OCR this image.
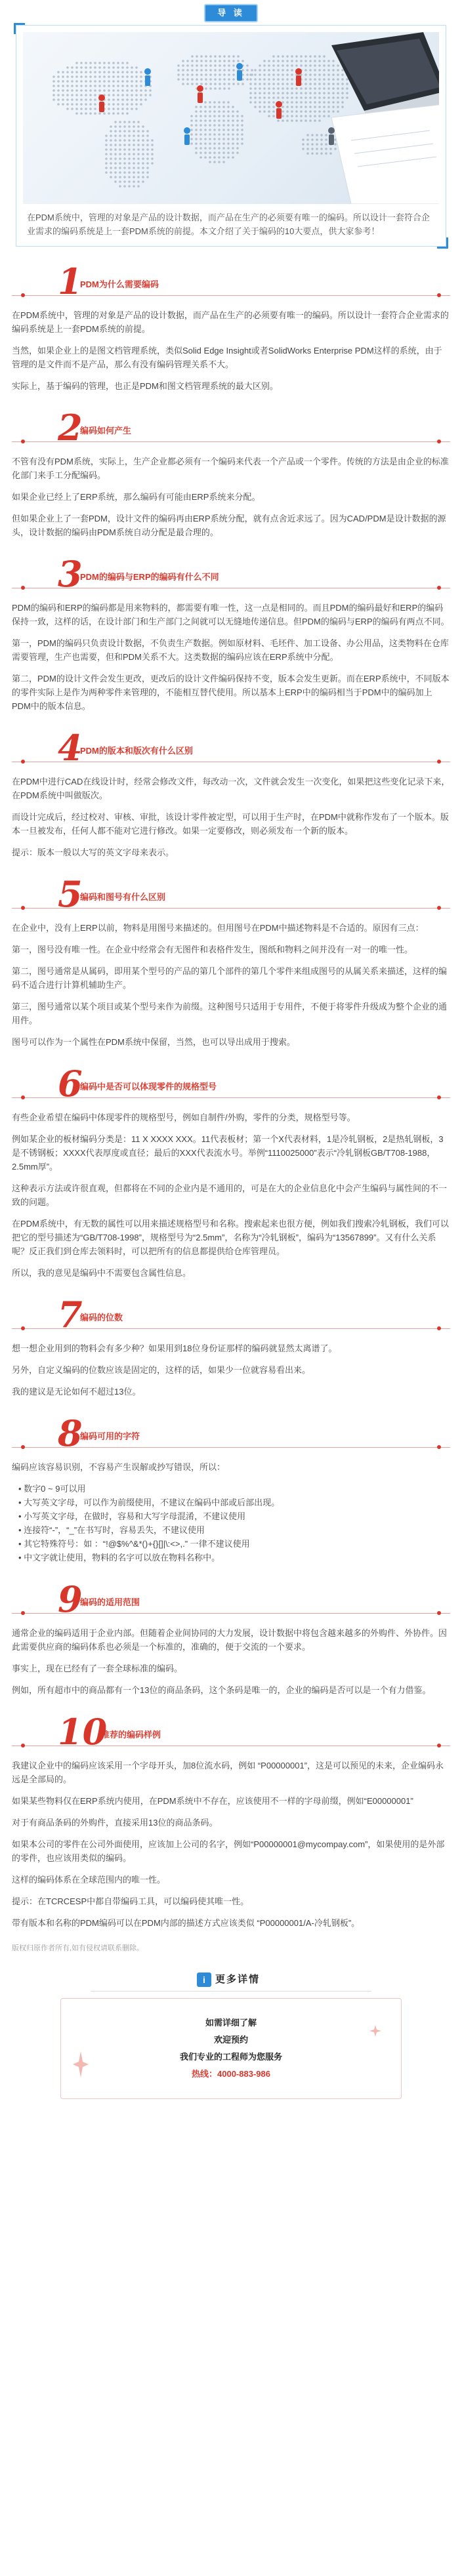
导 读
在PDM系统中，管理的对象是产品的设计数据，而产品在生产的必须要有唯一的编码。所以设计一套符合企业需求的编码系统是上一套PDM系统的前提。本文介绍了关于编码的10大要点，供大家参考！
1
PDM为什么需要编码

在PDM系统中，管理的对象是产品的设计数据，而产品在生产的必须要有唯一的编码。所以设计一套符合企业需求的编码系统是上一套PDM系统的前提。

当然，如果企业上的是图文档管理系统，类似Solid Edge Insight或者SolidWorks Enterprise PDM这样的系统，由于管理的是文件而不是产品，那么有没有编码管理关系不大。

实际上，基于编码的管理，也正是PDM和图文档管理系统的最大区别。

2
编码如何产生

不管有没有PDM系统，实际上，生产企业都必须有一个编码来代表一个产品或一个零件。传统的方法是由企业的标准化部门来手工分配编码。

如果企业已经上了ERP系统，那么编码有可能由ERP系统来分配。

但如果企业上了一套PDM，设计文件的编码再由ERP系统分配，就有点舍近求远了。因为CAD/PDM是设计数据的源头，设计数据的编码由PDM系统自动分配是最合理的。

3
PDM的编码与ERP的编码有什么不同

PDM的编码和ERP的编码都是用来物料的，都需要有唯一性，这一点是相同的。而且PDM的编码最好和ERP的编码保持一致，这样的话，在设计部门和生产部门之间就可以无缝地传递信息。但PDM的编码与ERP的编码有两点不同。

第一，PDM的编码只负责设计数据，不负责生产数据。例如原材料、毛坯件、加工设备、办公用品，这类物料在仓库需要管理，生产也需要，但和PDM关系不大。这类数据的编码应该在ERP系统中分配。

第二，PDM的设计文件会发生更改，更改后的设计文件编码保持不变，版本会发生更新。而在ERP系统中，不同版本的零件实际上是作为两种零件来管理的，不能相互替代使用。所以基本上ERP中的编码相当于PDM中的编码加上PDM中的版本信息。

4
PDM的版本和版次有什么区别

在PDM中进行CAD在线设计时，经常会修改文件，每改动一次，文件就会发生一次变化，如果把这些变化记录下来，在PDM系统中叫做版次。

而设计完成后，经过校对、审核、审批，该设计零件被定型，可以用于生产时，在PDM中就称作发布了一个版本。版本一旦被发布，任何人都不能对它进行修改。如果一定要修改，则必须发布一个新的版本。

提示：版本一般以大写的英文字母来表示。

5
编码和图号有什么区别

在企业中，没有上ERP以前，物料是用图号来描述的。但用图号在PDM中描述物料是不合适的。原因有三点：

第一，图号没有唯一性。在企业中经常会有无图件和表格件发生，图纸和物料之间并没有一对一的唯一性。

第二，图号通常是从属码，即用某个型号的产品的第几个部件的第几个零件来组成图号的从属关系来描述，这样的编码不适合进行计算机辅助生产。

第三，图号通常以某个项目或某个型号来作为前缀。这种图号只适用于专用件，不便于将零件升级成为整个企业的通用件。

图号可以作为一个属性在PDM系统中保留，当然，也可以导出成用于搜索。

6
编码中是否可以体现零件的规格型号

有些企业希望在编码中体现零件的规格型号，例如自制件/外购，零件的分类，规格型号等。

例如某企业的板材编码分类是：11 X XXXX XXX。11代表板材；第一个X代表材料，1是冷轧钢板，2是热轧钢板，3是不锈钢板；XXXX代表厚度或直径；最后的XXX代表流水号。举例“1110025000”表示“冷轧钢板GB/T708-1988，2.5mm厚”。

这种表示方法或许很直观，但都将在不同的企业内是不通用的，可是在大的企业信息化中会产生编码与属性间的不一致的问题。

在PDM系统中，有无数的属性可以用来描述规格型号和名称。搜索起来也很方便，例如我们搜索冷轧钢板，我们可以把它的型号描述为“GB/T708-1998”，规格型号为“2.5mm”，名称为“冷轧钢板”，编码为“13567899”。又有什么关系呢？反正我们到仓库去领料时，可以把所有的信息都提供给仓库管理员。

所以，我的意见是编码中不需要包含属性信息。

7
编码的位数

想一想企业用到的物料会有多少种？如果用到18位身份证那样的编码就显然太离谱了。

另外，自定义编码的位数应该是固定的，这样的话，如果少一位就容易看出来。

我的建议是无论如何不超过13位。

8
编码可用的字符

编码应该容易识别，不容易产生误解或抄写错误，所以：

• 数字0 ~ 9可以用
• 大写英文字母，可以作为前缀使用，不建议在编码中部或后部出现。
• 小写英文字母，在做时，容易和大写字母混淆，不建议使用
• 连接符“-”，“_”在书写时，容易丢失，不建议使用
• 其它特殊符号：如 ：“!@$%^&*()+{}[]|\:<>,.” 一律不建议使用
• 中文字就让使用，物料的名字可以放在物料名称中。
9
编码的适用范围

通常企业的编码适用于企业内部。但随着企业间协同的大力发展，设计数据中将包含越来越多的外购件、外协件。因此需要供应商的编码体系也必须是一个标准的，准确的，便于交流的一个要求。

事实上，现在已经有了一套全球标准的编码。

例如，所有超市中的商品都有一个13位的商品条码，这个条码是唯一的，企业的编码是否可以是一个有力借鉴。

10
推荐的编码样例

我建议企业中的编码应该采用一个字母开头，加8位流水码，例如 “P00000001”，这是可以预见的未来，企业编码永远是全部局的。

如果某些物料仅在ERP系统内使用，在PDM系统中不存在，应该使用不一样的字母前缀，例如“E00000001”

对于有商品条码的外购件，直接采用13位的商品条码。

如果本公司的零件在公司外面使用，应该加上公司的名字，例如“P00000001@mycompay.com”，如果使用的是外部的零件，也应该用类似的编码。

这样的编码体系在全球范围内的唯一性。

提示：在TCRCESP中都自带编码工具，可以编码使其唯一性。

带有版本和名称的PDM编码可以在PDM内部的描述方式应该类似 “P00000001/A-冷轧钢板”。

版权归原作者所有,如有侵权请联系删除。
i	更多详情
如需详细了解
欢迎预约
我们专业的工程师为您服务
热线：4000-883-986
